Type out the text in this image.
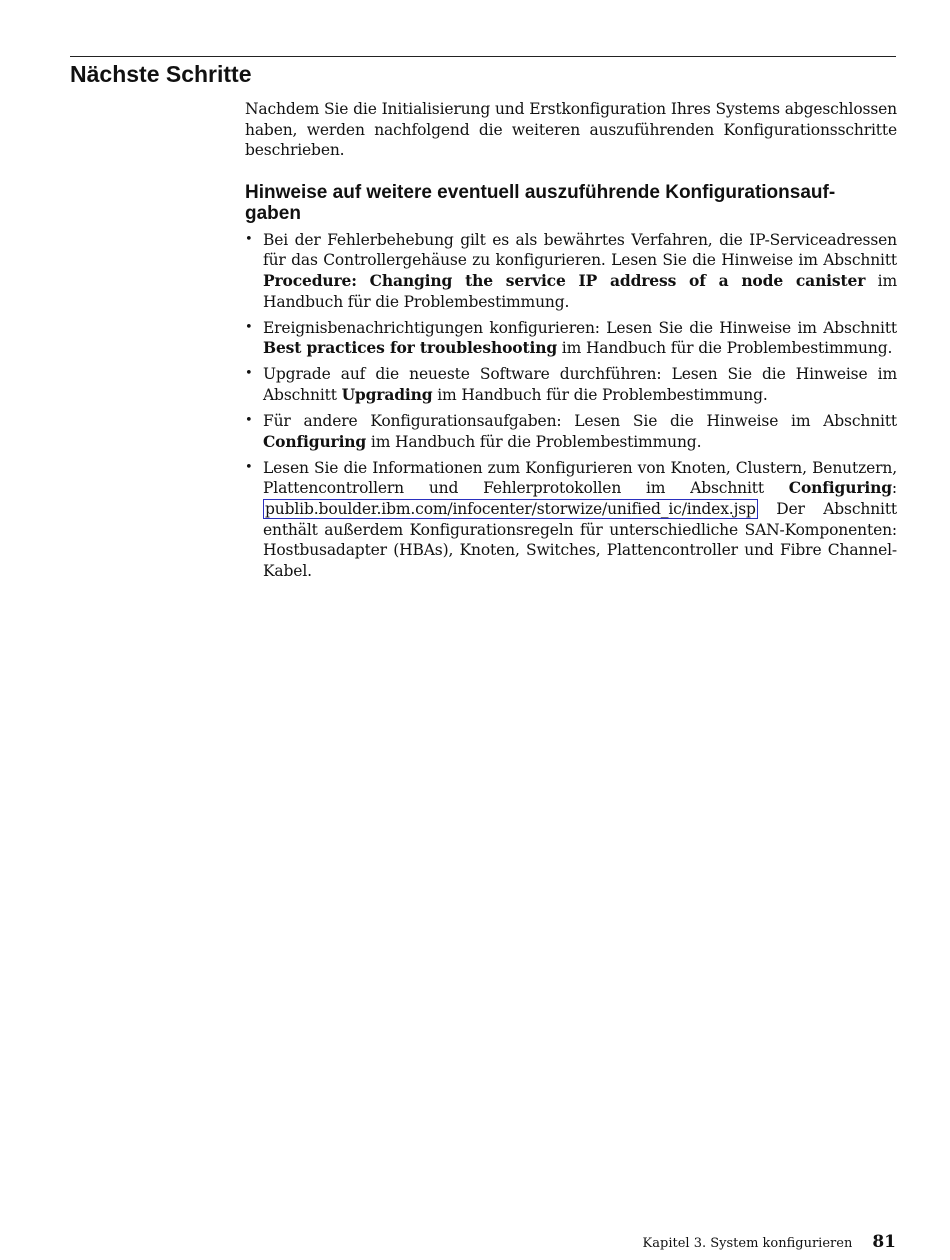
Nächste Schritte

Nachdem Sie die Initialisierung und Erstkonfiguration Ihres Systems abgeschlossen haben, werden nachfolgend die weiteren auszuführenden Konfigurationsschritte beschrieben.

Hinweise auf weitere eventuell auszuführende Konfigurationsauf-
gaben
• Bei der Fehlerbehebung gilt es als bewährtes Verfahren, die IP-Serviceadressen für das Controllergehäuse zu konfigurieren. Lesen Sie die Hinweise im Abschnitt Procedure: Changing the service IP address of a node canister im Handbuch für die Problembestimmung.
• Ereignisbenachrichtigungen konfigurieren: Lesen Sie die Hinweise im Abschnitt Best practices for troubleshooting im Handbuch für die Problembestimmung.
• Upgrade auf die neueste Software durchführen: Lesen Sie die Hinweise im Abschnitt Upgrading im Handbuch für die Problembestimmung.
• Für andere Konfigurationsaufgaben: Lesen Sie die Hinweise im Abschnitt Configuring im Handbuch für die Problembestimmung.
• Lesen Sie die Informationen zum Konfigurieren von Knoten, Clustern, Benutzern, Plattencontrollern und Fehlerprotokollen im Abschnitt Configuring: publib.boulder.ibm.com/infocenter/storwize/unified_ic/index.jsp Der Abschnitt enthält außerdem Konfigurationsregeln für unterschiedliche SAN-Komponenten: Hostbusadapter (HBAs), Knoten, Switches, Plattencontroller und Fibre Channel-Kabel.
Kapitel 3. System konfigurieren 81
